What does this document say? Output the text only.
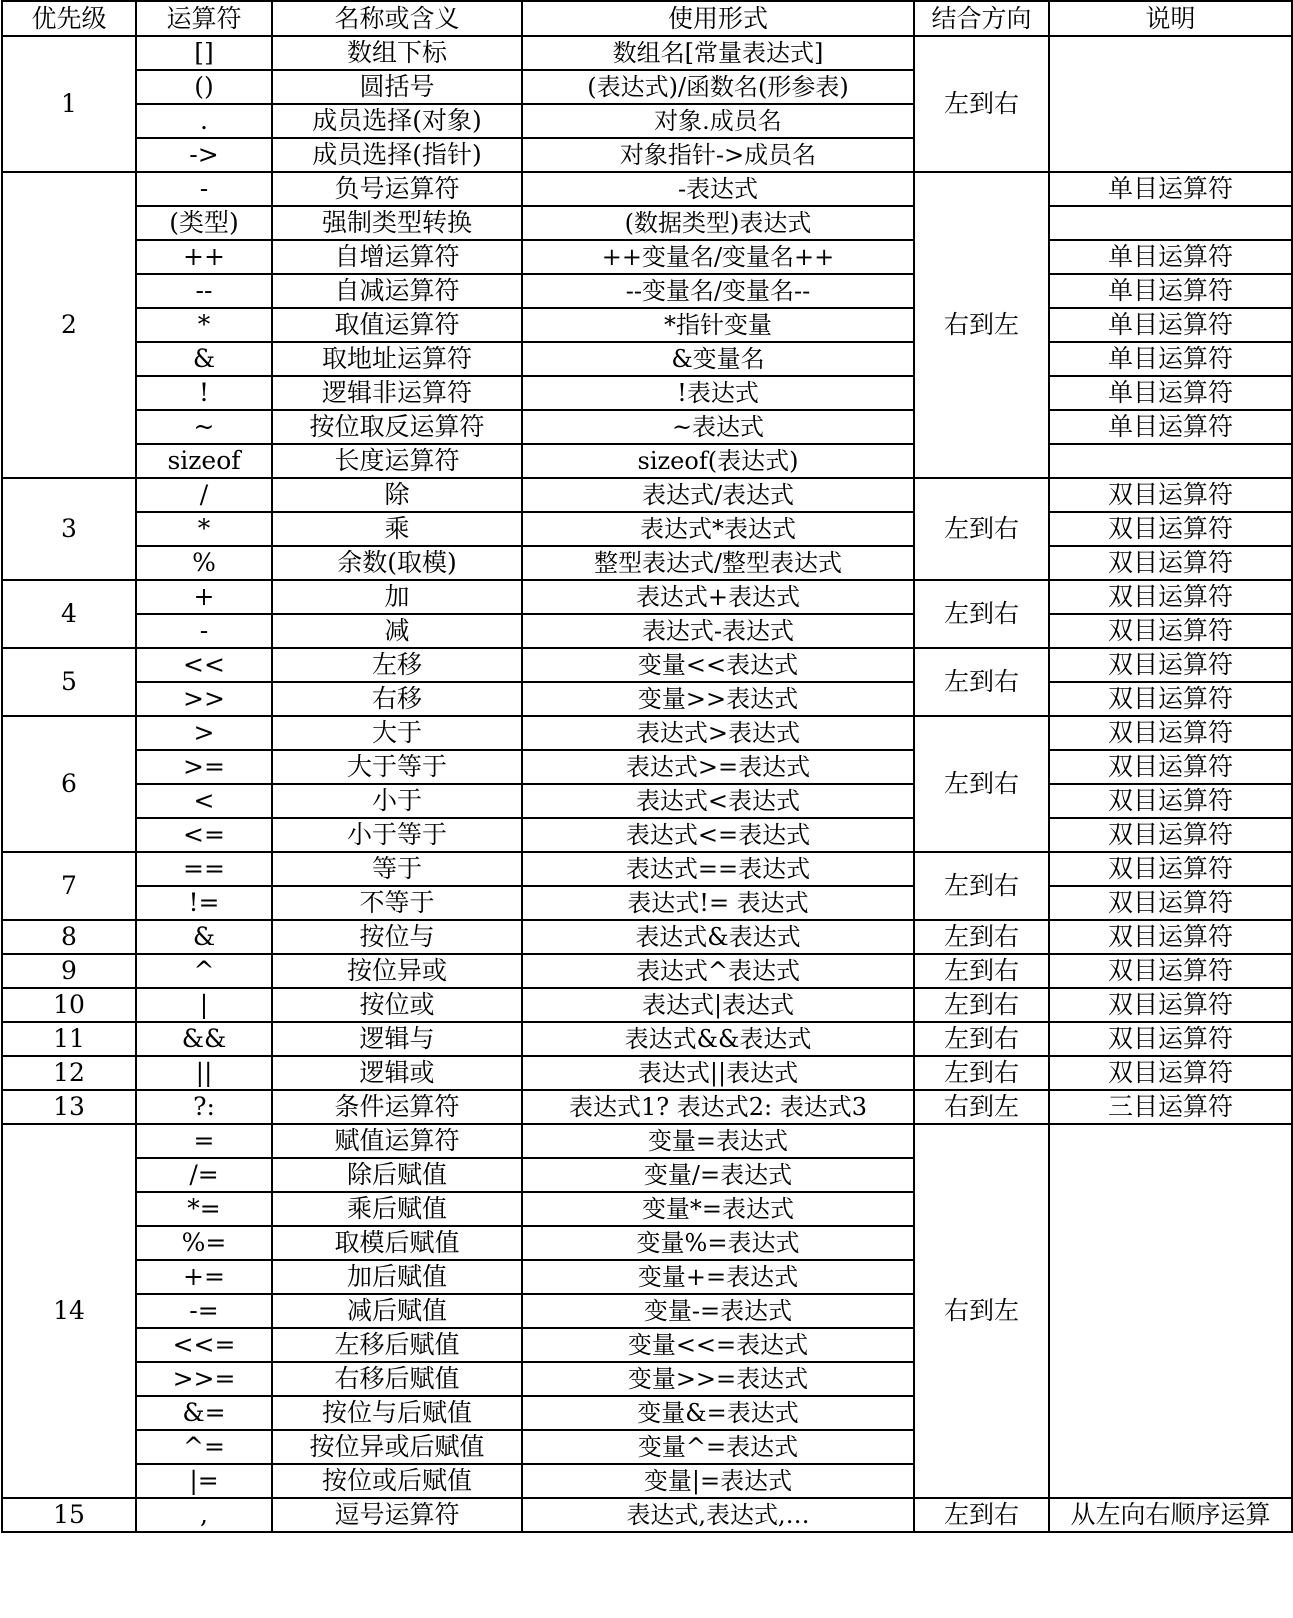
优先级	运算符	名称或含义	使用形式	结合方向	说明
1	[]	数组下标	数组名[常量表达式]	左到右	
	()	圆括号	(表达式)/函数名(形参表)		
	.	成员选择(对象)	对象.成员名		
	->	成员选择(指针)	对象指针->成员名		
2	-	负号运算符	-表达式	右到左	单目运算符
	(类型)	强制类型转换	(数据类型)表达式		
	++	自增运算符	++变量名/变量名++		单目运算符
	--	自减运算符	--变量名/变量名--		单目运算符
	*	取值运算符	*指针变量		单目运算符
	&	取地址运算符	&变量名		单目运算符
	!	逻辑非运算符	!表达式		单目运算符
	~	按位取反运算符	~表达式		单目运算符
	sizeof	长度运算符	sizeof(表达式)		
3	/	除	表达式/表达式	左到右	双目运算符
	*	乘	表达式*表达式		双目运算符
	%	余数(取模)	整型表达式/整型表达式		双目运算符
4	+	加	表达式+表达式	左到右	双目运算符
	-	减	表达式-表达式		双目运算符
5	<<	左移	变量<<表达式	左到右	双目运算符
	>>	右移	变量>>表达式		双目运算符
6	>	大于	表达式>表达式	左到右	双目运算符
	>=	大于等于	表达式>=表达式		双目运算符
	<	小于	表达式<表达式		双目运算符
	<=	小于等于	表达式<=表达式		双目运算符
7	==	等于	表达式==表达式	左到右	双目运算符
	!=	不等于	表达式!= 表达式		双目运算符
8	&	按位与	表达式&表达式	左到右	双目运算符
9	^	按位异或	表达式^表达式	左到右	双目运算符
10	|	按位或	表达式|表达式	左到右	双目运算符
11	&&	逻辑与	表达式&&表达式	左到右	双目运算符
12	||	逻辑或	表达式||表达式	左到右	双目运算符
13	?:	条件运算符	表达式1? 表达式2: 表达式3	右到左	三目运算符
14	=	赋值运算符	变量=表达式	右到左	
	/=	除后赋值	变量/=表达式		
	*=	乘后赋值	变量*=表达式		
	%=	取模后赋值	变量%=表达式		
	+=	加后赋值	变量+=表达式		
	-=	减后赋值	变量-=表达式		
	<<=	左移后赋值	变量<<=表达式		
	>>=	右移后赋值	变量>>=表达式		
	&=	按位与后赋值	变量&=表达式		
	^=	按位异或后赋值	变量^=表达式		
	|=	按位或后赋值	变量|=表达式		
15	,	逗号运算符	表达式,表达式,…	左到右	从左向右顺序运算
